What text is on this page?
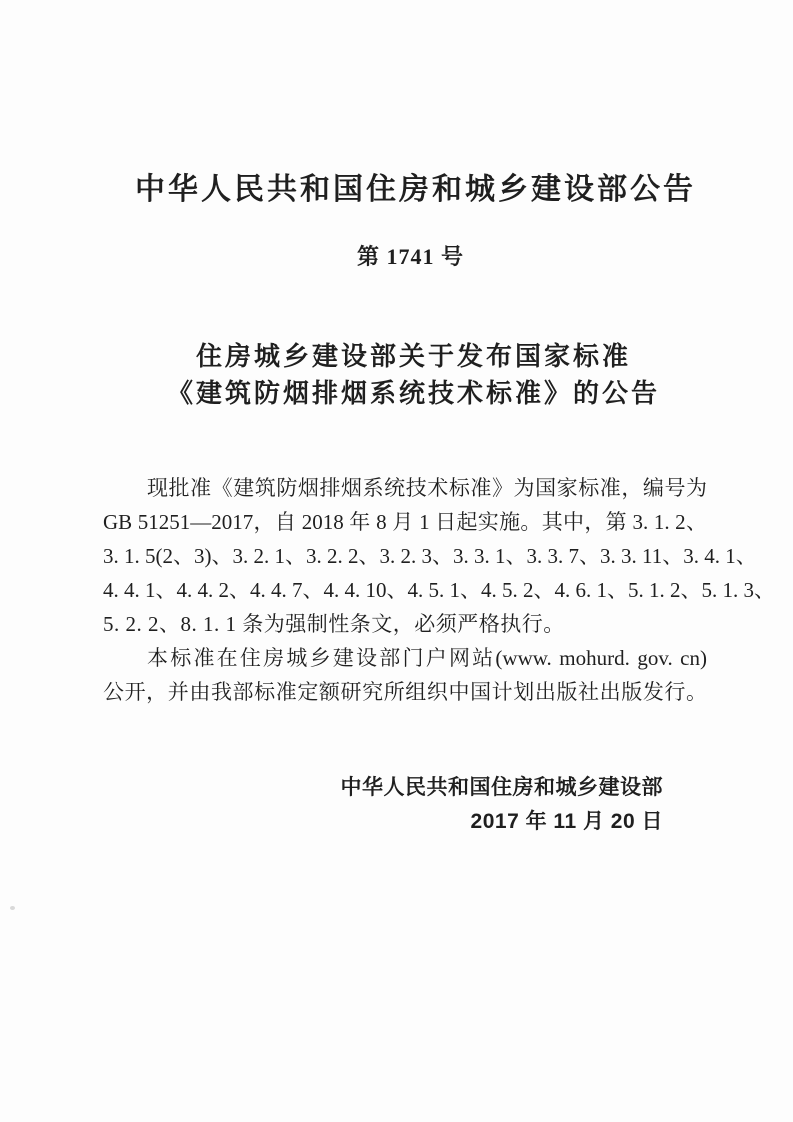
中华人民共和国住房和城乡建设部公告
第 1741 号
住房城乡建设部关于发布国家标准
《建筑防烟排烟系统技术标准》的公告
现批准《建筑防烟排烟系统技术标准》为国家标准，编号为
GB 51251—2017，自 2018 年 8 月 1 日起实施。其中，第 3. 1. 2、
3. 1. 5(2、3)、3. 2. 1、3. 2. 2、3. 2. 3、3. 3. 1、3. 3. 7、3. 3. 11、3. 4. 1、
4. 4. 1、4. 4. 2、4. 4. 7、4. 4. 10、4. 5. 1、4. 5. 2、4. 6. 1、5. 1. 2、5. 1. 3、
5. 2. 2、8. 1. 1 条为强制性条文，必须严格执行。
本标准在住房城乡建设部门户网站(www. mohurd. gov. cn)
公开，并由我部标准定额研究所组织中国计划出版社出版发行。
中华人民共和国住房和城乡建设部
2017 年 11 月 20 日
